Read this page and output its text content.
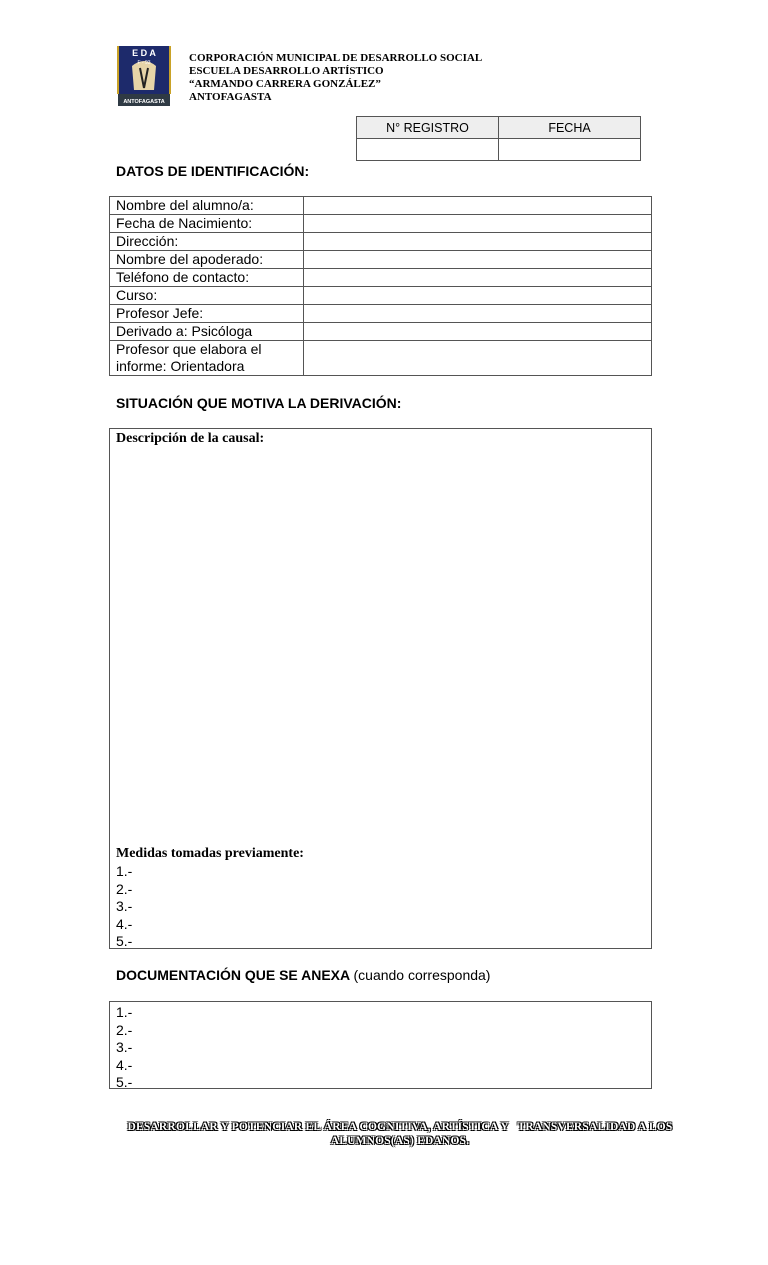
E D A
F - 93
ANTOFAGASTA
CORPORACIÓN MUNICIPAL DE DESARROLLO SOCIAL
ESCUELA DESARROLLO ARTÍSTICO
“ARMANDO CARRERA GONZÁLEZ”
ANTOFAGASTA
N° REGISTRO	FECHA

DATOS DE IDENTIFICACIÓN:
Nombre del alumno/a:	
Fecha de Nacimiento:	
Dirección:	
Nombre del apoderado:	
Teléfono de contacto:	
Curso:	
Profesor Jefe:	
Derivado a: Psicóloga	
Profesor que elabora el informe: Orientadora	
SITUACIÓN QUE MOTIVA LA DERIVACIÓN:
Descripción de la causal:
Medidas tomadas previamente:
1.-
2.-
3.-
4.-
5.-
DOCUMENTACIÓN QUE SE ANEXA (cuando corresponda)
1.-
2.-
3.-
4.-
5.-
DESARROLLAR Y POTENCIAR EL ÁREA COGNITIVA, ARTÍSTICA Y   TRANSVERSALIDAD A LOS
ALUMNOS(AS) EDANOS.
